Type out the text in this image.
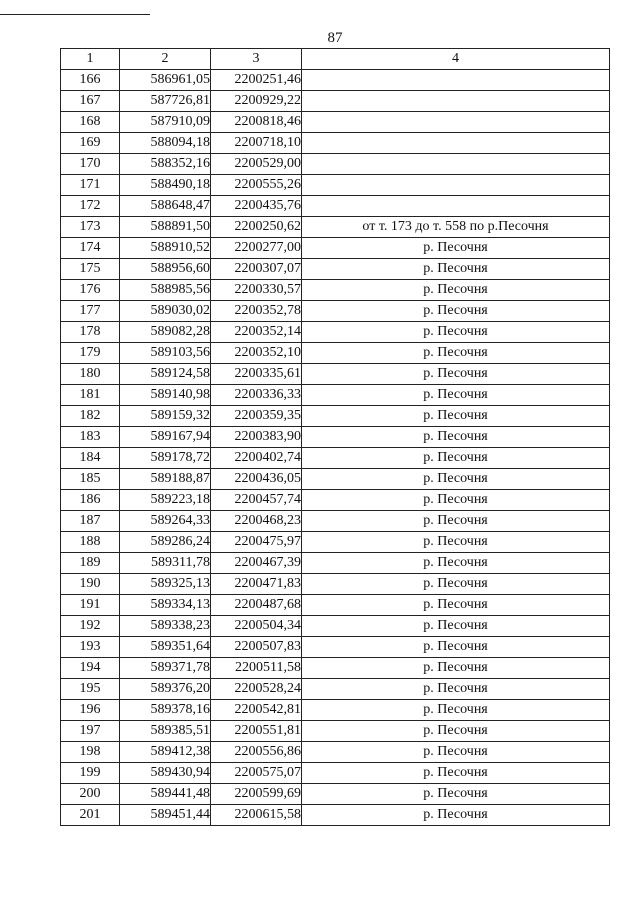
87
1	2	3	4
166	586961,05	2200251,46	
167	587726,81	2200929,22	
168	587910,09	2200818,46	
169	588094,18	2200718,10	
170	588352,16	2200529,00	
171	588490,18	2200555,26	
172	588648,47	2200435,76	
173	588891,50	2200250,62	от т. 173 до т. 558 по р.Песочня
174	588910,52	2200277,00	р. Песочня
175	588956,60	2200307,07	р. Песочня
176	588985,56	2200330,57	р. Песочня
177	589030,02	2200352,78	р. Песочня
178	589082,28	2200352,14	р. Песочня
179	589103,56	2200352,10	р. Песочня
180	589124,58	2200335,61	р. Песочня
181	589140,98	2200336,33	р. Песочня
182	589159,32	2200359,35	р. Песочня
183	589167,94	2200383,90	р. Песочня
184	589178,72	2200402,74	р. Песочня
185	589188,87	2200436,05	р. Песочня
186	589223,18	2200457,74	р. Песочня
187	589264,33	2200468,23	р. Песочня
188	589286,24	2200475,97	р. Песочня
189	589311,78	2200467,39	р. Песочня
190	589325,13	2200471,83	р. Песочня
191	589334,13	2200487,68	р. Песочня
192	589338,23	2200504,34	р. Песочня
193	589351,64	2200507,83	р. Песочня
194	589371,78	2200511,58	р. Песочня
195	589376,20	2200528,24	р. Песочня
196	589378,16	2200542,81	р. Песочня
197	589385,51	2200551,81	р. Песочня
198	589412,38	2200556,86	р. Песочня
199	589430,94	2200575,07	р. Песочня
200	589441,48	2200599,69	р. Песочня
201	589451,44	2200615,58	р. Песочня
